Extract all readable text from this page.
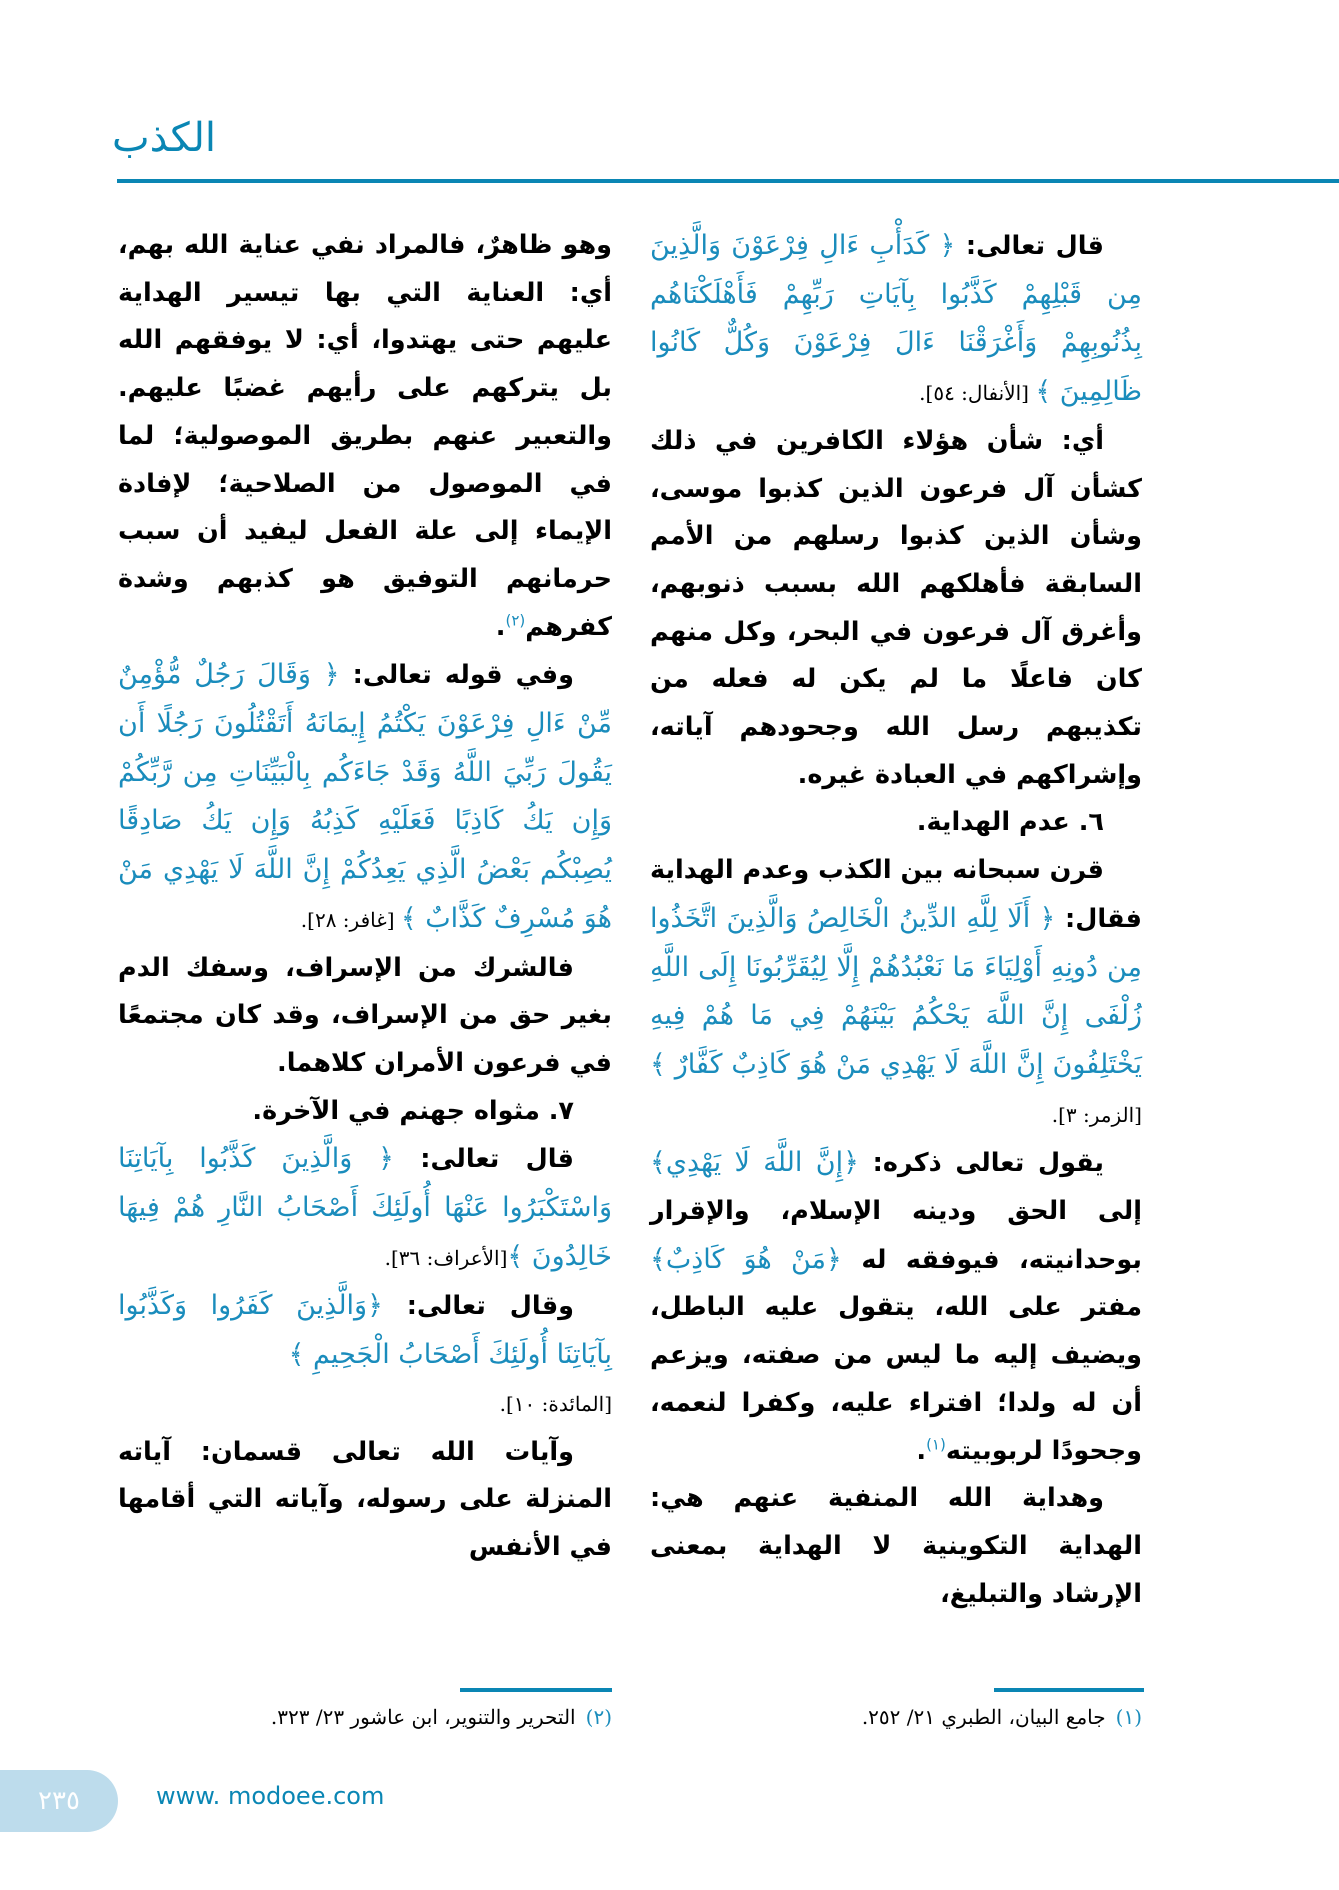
الكذب

قال تعالى: ﴿ كَدَأْبِ ءَالِ فِرْعَوْنَ وَالَّذِينَ مِن قَبْلِهِمْ كَذَّبُوا بِآيَاتِ رَبِّهِمْ فَأَهْلَكْنَاهُم بِذُنُوبِهِمْ وَأَغْرَقْنَا ءَالَ فِرْعَوْنَ وَكُلٌّ كَانُوا ظَالِمِينَ ﴾ [الأنفال: ٥٤].

أي: شأن هؤلاء الكافرين في ذلك كشأن آل فرعون الذين كذبوا موسى، وشأن الذين كذبوا رسلهم من الأمم السابقة فأهلكهم الله بسبب ذنوبهم، وأغرق آل فرعون في البحر، وكل منهم كان فاعلًا ما لم يكن له فعله من تكذيبهم رسل الله وجحودهم آياته، وإشراكهم في العبادة غيره.

٦. عدم الهداية.

قرن سبحانه بين الكذب وعدم الهداية فقال: ﴿ أَلَا لِلَّهِ الدِّينُ الْخَالِصُ وَالَّذِينَ اتَّخَذُوا مِن دُونِهِ أَوْلِيَاءَ مَا نَعْبُدُهُمْ إِلَّا لِيُقَرِّبُونَا إِلَى اللَّهِ زُلْفَى إِنَّ اللَّهَ يَحْكُمُ بَيْنَهُمْ فِي مَا هُمْ فِيهِ يَخْتَلِفُونَ إِنَّ اللَّهَ لَا يَهْدِي مَنْ هُوَ كَاذِبٌ كَفَّارٌ ﴾ [الزمر: ٣].

يقول تعالى ذكره: ﴿إِنَّ اللَّهَ لَا يَهْدِي﴾ إلى الحق ودينه الإسلام، والإقرار بوحدانيته، فيوفقه له ﴿مَنْ هُوَ كَاذِبٌ﴾ مفتر على الله، يتقول عليه الباطل، ويضيف إليه ما ليس من صفته، ويزعم أن له ولدا؛ افتراء عليه، وكفرا لنعمه، وجحودًا لربوبيته$^{(١)}$.

وهداية الله المنفية عنهم هي: الهداية التكوينية لا الهداية بمعنى الإرشاد والتبليغ،

وهو ظاهرٌ، فالمراد نفي عناية الله بهم، أي: العناية التي بها تيسير الهداية عليهم حتى يهتدوا، أي: لا يوفقهم الله بل يتركهم على رأيهم غضبًا عليهم. والتعبير عنهم بطريق الموصولية؛ لما في الموصول من الصلاحية؛ لإفادة الإيماء إلى علة الفعل ليفيد أن سبب حرمانهم التوفيق هو كذبهم وشدة كفرهم$^{(٢)}$.

وفي قوله تعالى: ﴿ وَقَالَ رَجُلٌ مُّؤْمِنٌ مِّنْ ءَالِ فِرْعَوْنَ يَكْتُمُ إِيمَانَهُ أَتَقْتُلُونَ رَجُلًا أَن يَقُولَ رَبِّيَ اللَّهُ وَقَدْ جَاءَكُم بِالْبَيِّنَاتِ مِن رَّبِّكُمْ وَإِن يَكُ كَاذِبًا فَعَلَيْهِ كَذِبُهُ وَإِن يَكُ صَادِقًا يُصِبْكُم بَعْضُ الَّذِي يَعِدُكُمْ إِنَّ اللَّهَ لَا يَهْدِي مَنْ هُوَ مُسْرِفٌ كَذَّابٌ ﴾ [غافر: ٢٨].

فالشرك من الإسراف، وسفك الدم بغير حق من الإسراف، وقد كان مجتمعًا في فرعون الأمران كلاهما.

٧. مثواه جهنم في الآخرة.

قال تعالى: ﴿ وَالَّذِينَ كَذَّبُوا بِآيَاتِنَا وَاسْتَكْبَرُوا عَنْهَا أُولَئِكَ أَصْحَابُ النَّارِ هُمْ فِيهَا خَالِدُونَ ﴾[الأعراف: ٣٦].

وقال تعالى: ﴿وَالَّذِينَ كَفَرُوا وَكَذَّبُوا بِآيَاتِنَا أُولَئِكَ أَصْحَابُ الْجَحِيمِ ﴾

[المائدة: ١٠].

وآيات الله تعالى قسمان: آياته المنزلة على رسوله، وآياته التي أقامها في الأنفس

(١)جامع البيان، الطبري ٢١/ ٢٥٢.
(٢)التحرير والتنوير، ابن عاشور ٢٣/ ٣٢٣.
٢٣٥	www. modoee.com
